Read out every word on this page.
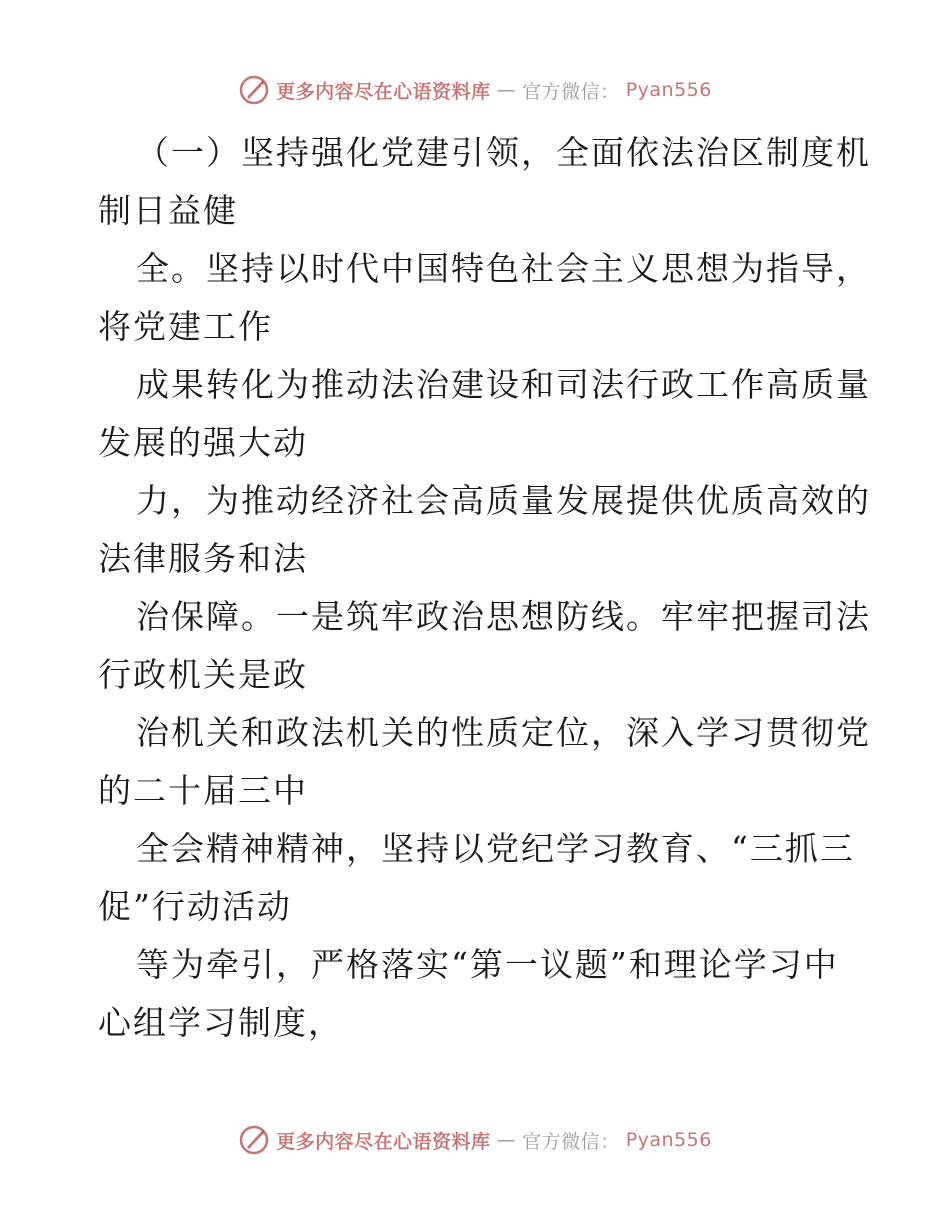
更多内容尽在心语资料库 — 官方微信： Pyan556

（一）坚持强化党建引领，全面依法治区制度机
制日益健

全。坚持以时代中国特色社会主义思想为指导，
将党建工作

成果转化为推动法治建设和司法行政工作高质量
发展的强大动

力，为推动经济社会高质量发展提供优质高效的
法律服务和法

治保障。一是筑牢政治思想防线。牢牢把握司法
行政机关是政

治机关和政法机关的性质定位，深入学习贯彻党
的二十届三中

全会精神精神，坚持以党纪学习教育、“三抓三
促”行动活动

等为牵引，严格落实“第一议题”和理论学习中
心组学习制度，

更多内容尽在心语资料库 — 官方微信： Pyan556
